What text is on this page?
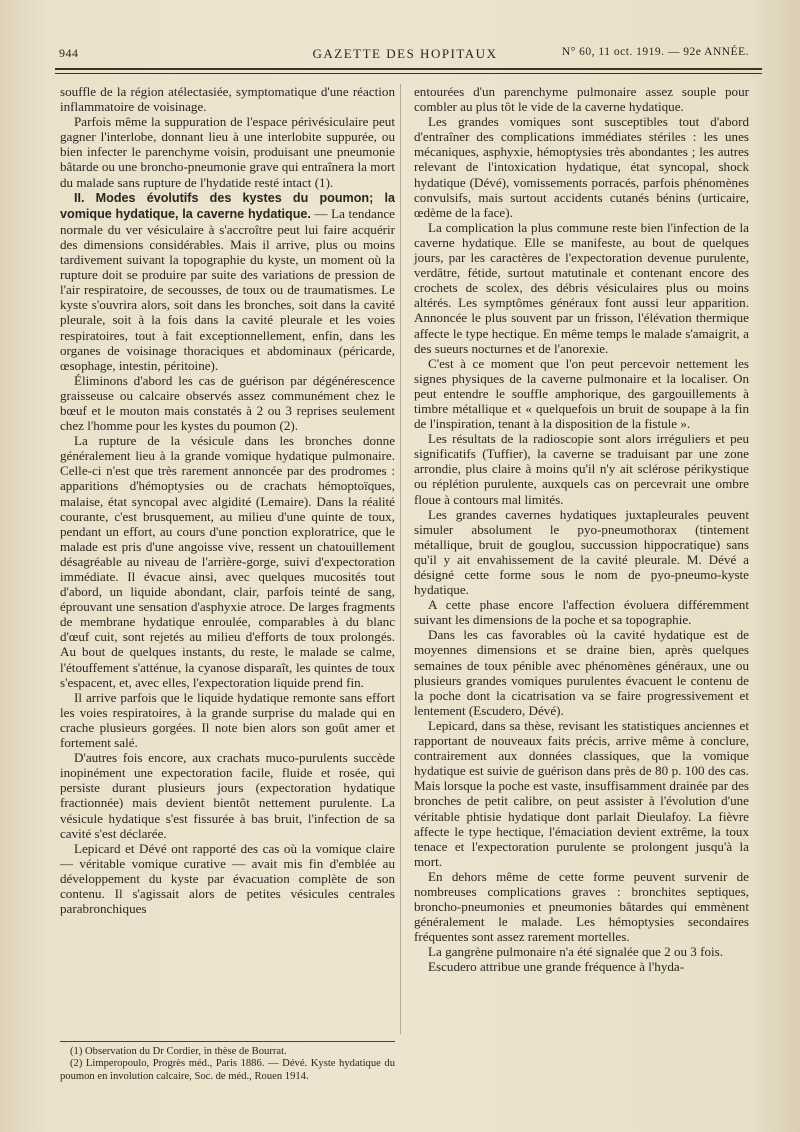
944	GAZETTE DES HOPITAUX	N° 60, 11 oct. 1919. — 92e ANNÉE.

souffle de la région atélectasiée, symptomatique d'une réaction inflammatoire de voisinage.

Parfois même la suppuration de l'espace périvésiculaire peut gagner l'interlobe, donnant lieu à une interlobite suppurée, ou bien infecter le parenchyme voisin, produisant une pneumonie bâtarde ou une broncho-pneumonie grave qui entraînera la mort du malade sans rupture de l'hydatide resté intact (1).

II. Modes évolutifs des kystes du poumon; la vomique hydatique, la caverne hydatique. — La tendance normale du ver vésiculaire à s'accroître peut lui faire acquérir des dimensions considérables. Mais il arrive, plus ou moins tardivement suivant la topographie du kyste, un moment où la rupture doit se produire par suite des variations de pression de l'air respiratoire, de secousses, de toux ou de traumatismes. Le kyste s'ouvrira alors, soit dans les bronches, soit dans la cavité pleurale, soit à la fois dans la cavité pleurale et les voies respiratoires, tout à fait exceptionnellement, enfin, dans les organes de voisinage thoraciques et abdominaux (péricarde, œsophage, intestin, péritoine).

Éliminons d'abord les cas de guérison par dégénérescence graisseuse ou calcaire observés assez communément chez le bœuf et le mouton mais constatés à 2 ou 3 reprises seulement chez l'homme pour les kystes du poumon (2).

La rupture de la vésicule dans les bronches donne généralement lieu à la grande vomique hydatique pulmonaire. Celle-ci n'est que très rarement annoncée par des prodromes : apparitions d'hémoptysies ou de crachats hémoptoïques, malaise, état syncopal avec algidité (Lemaire). Dans la réalité courante, c'est brusquement, au milieu d'une quinte de toux, pendant un effort, au cours d'une ponction exploratrice, que le malade est pris d'une angoisse vive, ressent un chatouillement désagréable au niveau de l'arrière-gorge, suivi d'expectoration immédiate. Il évacue ainsi, avec quelques mucosités tout d'abord, un liquide abondant, clair, parfois teinté de sang, éprouvant une sensation d'asphyxie atroce. De larges fragments de membrane hydatique enroulée, comparables à du blanc d'œuf cuit, sont rejetés au milieu d'efforts de toux prolongés. Au bout de quelques instants, du reste, le malade se calme, l'étouffement s'atténue, la cyanose disparaît, les quintes de toux s'espacent, et, avec elles, l'expectoration liquide prend fin.

Il arrive parfois que le liquide hydatique remonte sans effort les voies respiratoires, à la grande surprise du malade qui en crache plusieurs gorgées. Il note bien alors son goût amer et fortement salé.

D'autres fois encore, aux crachats muco-purulents succède inopinément une expectoration facile, fluide et rosée, qui persiste durant plusieurs jours (expectoration hydatique fractionnée) mais devient bientôt nettement purulente. La vésicule hydatique s'est fissurée à bas bruit, l'infection de sa cavité s'est déclarée.

Lepicard et Dévé ont rapporté des cas où la vomique claire — véritable vomique curative — avait mis fin d'emblée au développement du kyste par évacuation complète de son contenu. Il s'agissait alors de petites vésicules centrales parabronchiques

entourées d'un parenchyme pulmonaire assez souple pour combler au plus tôt le vide de la caverne hydatique.

Les grandes vomiques sont susceptibles tout d'abord d'entraîner des complications immédiates stériles : les unes mécaniques, asphyxie, hémoptysies très abondantes ; les autres relevant de l'intoxication hydatique, état syncopal, shock hydatique (Dévé), vomissements porracés, parfois phénomènes convulsifs, mais surtout accidents cutanés bénins (urticaire, œdème de la face).

La complication la plus commune reste bien l'infection de la caverne hydatique. Elle se manifeste, au bout de quelques jours, par les caractères de l'expectoration devenue purulente, verdâtre, fétide, surtout matutinale et contenant encore des crochets de scolex, des débris vésiculaires plus ou moins altérés. Les symptômes généraux font aussi leur apparition. Annoncée le plus souvent par un frisson, l'élévation thermique affecte le type hectique. En même temps le malade s'amaigrit, a des sueurs nocturnes et de l'anorexie.

C'est à ce moment que l'on peut percevoir nettement les signes physiques de la caverne pulmonaire et la localiser. On peut entendre le souffle amphorique, des gargouillements à timbre métallique et « quelquefois un bruit de soupape à la fin de l'inspiration, tenant à la disposition de la fistule ».

Les résultats de la radioscopie sont alors irréguliers et peu significatifs (Tuffier), la caverne se traduisant par une zone arrondie, plus claire à moins qu'il n'y ait sclérose périkystique ou réplétion purulente, auxquels cas on percevrait une ombre floue à contours mal limités.

Les grandes cavernes hydatiques juxtapleurales peuvent simuler absolument le pyo-pneumothorax (tintement métallique, bruit de gouglou, succussion hippocratique) sans qu'il y ait envahissement de la cavité pleurale. M. Dévé a désigné cette forme sous le nom de pyo-pneumo-kyste hydatique.

A cette phase encore l'affection évoluera différemment suivant les dimensions de la poche et sa topographie.

Dans les cas favorables où la cavité hydatique est de moyennes dimensions et se draine bien, après quelques semaines de toux pénible avec phénomènes généraux, une ou plusieurs grandes vomiques purulentes évacuent le contenu de la poche dont la cicatrisation va se faire progressivement et lentement (Escudero, Dévé).

Lepicard, dans sa thèse, revisant les statistiques anciennes et rapportant de nouveaux faits précis, arrive même à conclure, contrairement aux données classiques, que la vomique hydatique est suivie de guérison dans près de 80 p. 100 des cas. Mais lorsque la poche est vaste, insuffisamment drainée par des bronches de petit calibre, on peut assister à l'évolution d'une véritable phtisie hydatique dont parlait Dieulafoy. La fièvre affecte le type hectique, l'émaciation devient extrême, la toux tenace et l'expectoration purulente se prolongent jusqu'à la mort.

En dehors même de cette forme peuvent survenir de nombreuses complications graves : bronchites septiques, broncho-pneumonies et pneumonies bâtardes qui emmènent généralement le malade. Les hémoptysies secondaires fréquentes sont assez rarement mortelles.

La gangrène pulmonaire n'a été signalée que 2 ou 3 fois.

Escudero attribue une grande fréquence à l'hyda-

(1) Observation du Dr Cordier, in thèse de Bourrat.

(2) Limperopoulo, Progrès méd., Paris 1886. — Dévé. Kyste hydatique du poumon en involution calcaire, Soc. de méd., Rouen 1914.
